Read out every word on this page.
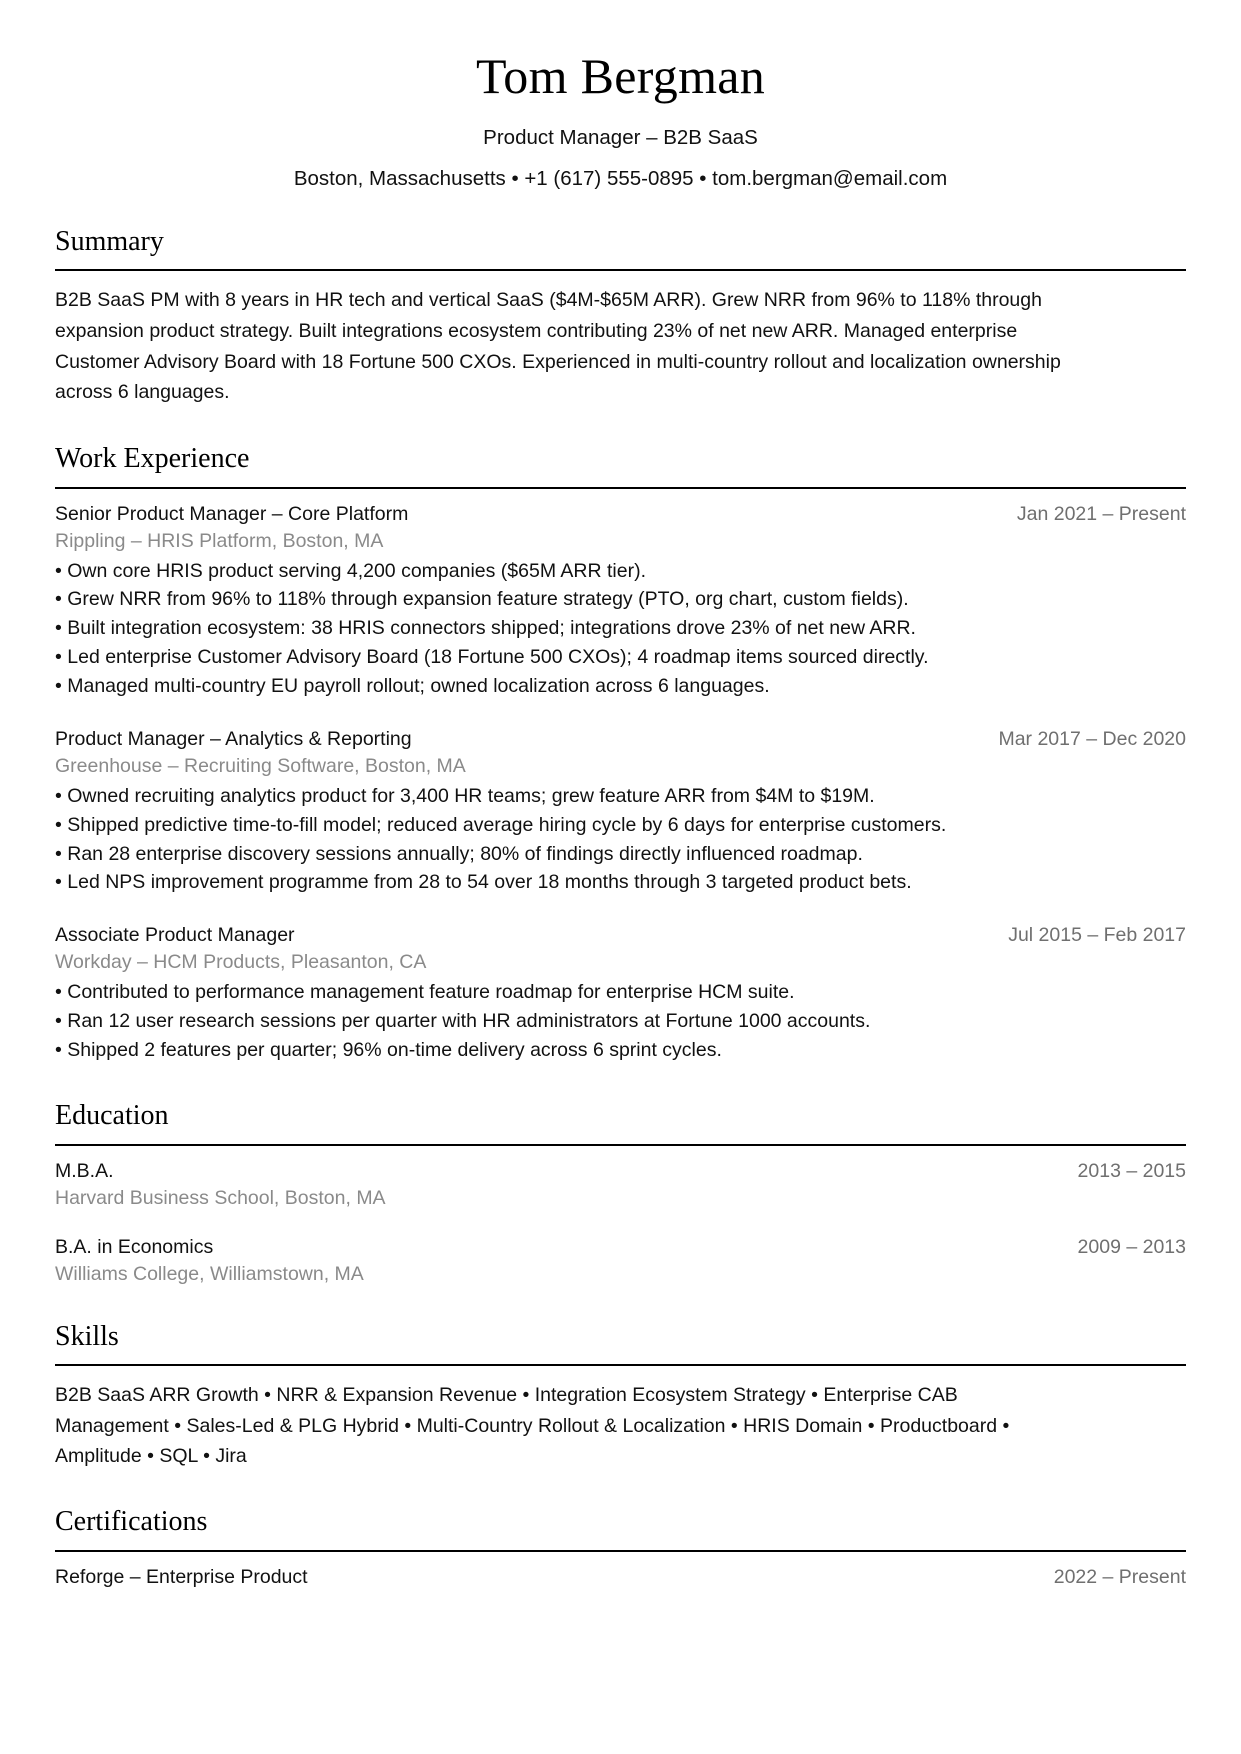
Tom Bergman
Product Manager – B2B SaaS
Boston, Massachusetts • +1 (617) 555-0895 • tom.bergman@email.com
Summary
B2B SaaS PM with 8 years in HR tech and vertical SaaS ($4M-$65M ARR). Grew NRR from 96% to 118% through expansion product strategy. Built integrations ecosystem contributing 23% of net new ARR. Managed enterprise Customer Advisory Board with 18 Fortune 500 CXOs. Experienced in multi-country rollout and localization ownership across 6 languages.
Work Experience
Senior Product Manager – Core Platform	Jan 2021 – Present
Rippling – HRIS Platform, Boston, MA
• Own core HRIS product serving 4,200 companies ($65M ARR tier).
• Grew NRR from 96% to 118% through expansion feature strategy (PTO, org chart, custom fields).
• Built integration ecosystem: 38 HRIS connectors shipped; integrations drove 23% of net new ARR.
• Led enterprise Customer Advisory Board (18 Fortune 500 CXOs); 4 roadmap items sourced directly.
• Managed multi-country EU payroll rollout; owned localization across 6 languages.
Product Manager – Analytics & Reporting	Mar 2017 – Dec 2020
Greenhouse – Recruiting Software, Boston, MA
• Owned recruiting analytics product for 3,400 HR teams; grew feature ARR from $4M to $19M.
• Shipped predictive time-to-fill model; reduced average hiring cycle by 6 days for enterprise customers.
• Ran 28 enterprise discovery sessions annually; 80% of findings directly influenced roadmap.
• Led NPS improvement programme from 28 to 54 over 18 months through 3 targeted product bets.
Associate Product Manager	Jul 2015 – Feb 2017
Workday – HCM Products, Pleasanton, CA
• Contributed to performance management feature roadmap for enterprise HCM suite.
• Ran 12 user research sessions per quarter with HR administrators at Fortune 1000 accounts.
• Shipped 2 features per quarter; 96% on-time delivery across 6 sprint cycles.
Education
M.B.A.	2013 – 2015
Harvard Business School, Boston, MA
B.A. in Economics	2009 – 2013
Williams College, Williamstown, MA
Skills
B2B SaaS ARR Growth • NRR & Expansion Revenue • Integration Ecosystem Strategy • Enterprise CAB Management • Sales-Led & PLG Hybrid • Multi-Country Rollout & Localization • HRIS Domain • Productboard • Amplitude • SQL • Jira
Certifications
Reforge – Enterprise Product	2022 – Present
